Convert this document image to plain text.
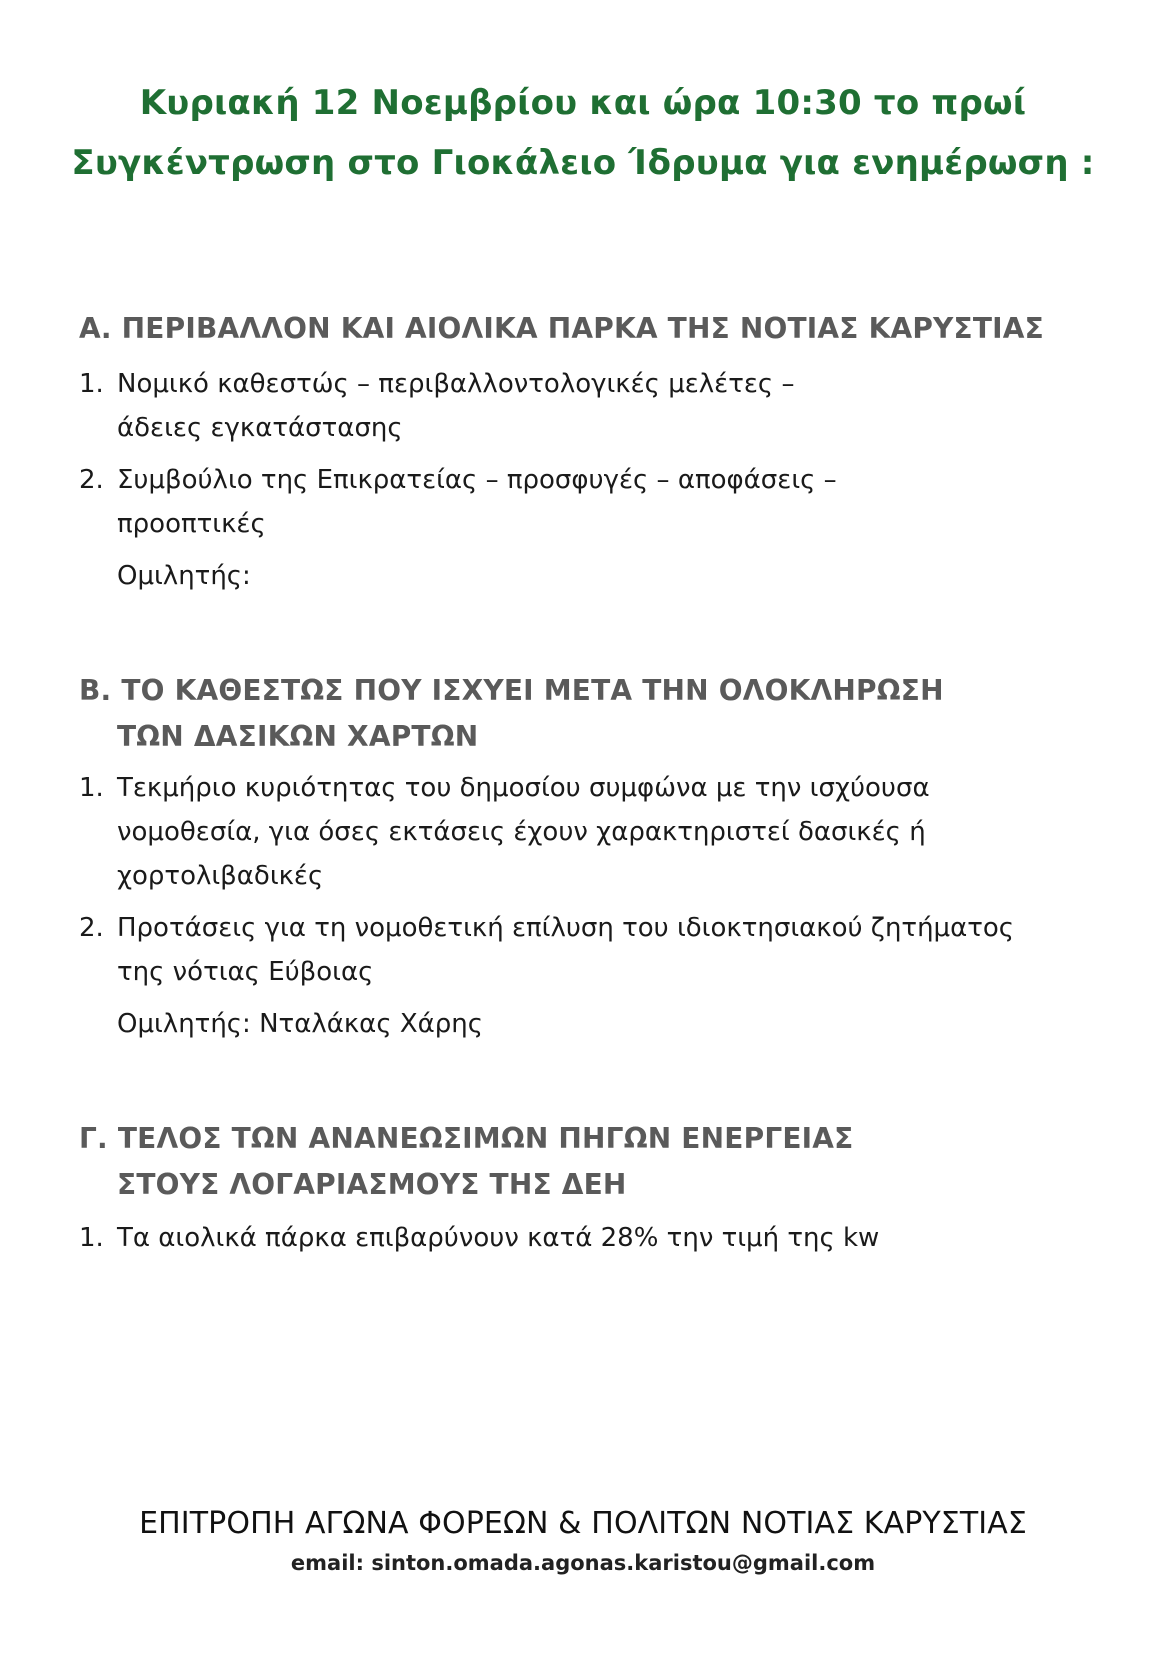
Κυριακή 12 Νοεμβρίου και ώρα 10:30 το πρωί
Συγκέντρωση στο Γιοκάλειο Ίδρυμα για ενημέρωση :
Α. ΠΕΡΙΒΑΛΛΟΝ ΚΑΙ ΑΙΟΛΙΚΑ ΠΑΡΚΑ ΤΗΣ ΝΟΤΙΑΣ ΚΑΡΥΣΤΙΑΣ
1. Νομικό καθεστώς – περιβαλλοντολογικές μελέτες –
άδειες εγκατάστασης
2. Συμβούλιο της Επικρατείας – προσφυγές – αποφάσεις –
προοπτικές
Ομιλητής:
Β. ΤΟ ΚΑΘΕΣΤΩΣ ΠΟΥ ΙΣΧΥΕΙ ΜΕΤΑ ΤΗΝ ΟΛΟΚΛΗΡΩΣΗ
ΤΩΝ ΔΑΣΙΚΩΝ ΧΑΡΤΩΝ
1. Τεκμήριο κυριότητας του δημοσίου συμφώνα με την ισχύουσα
νομοθεσία, για όσες εκτάσεις έχουν χαρακτηριστεί δασικές ή
χορτολιβαδικές
2. Προτάσεις για τη νομοθετική επίλυση του ιδιοκτησιακού ζητήματος
της νότιας Εύβοιας
Ομιλητής: Νταλάκας Χάρης
Γ. ΤΕΛΟΣ ΤΩΝ ΑΝΑΝΕΩΣΙΜΩΝ ΠΗΓΩΝ ΕΝΕΡΓΕΙΑΣ
ΣΤΟΥΣ ΛΟΓΑΡΙΑΣΜΟΥΣ ΤΗΣ ΔΕΗ
1. Τα αιολικά πάρκα επιβαρύνουν κατά 28% την τιμή της kw
ΕΠΙΤΡΟΠΗ ΑΓΩΝΑ ΦΟΡΕΩΝ & ΠΟΛΙΤΩΝ ΝΟΤΙΑΣ ΚΑΡΥΣΤΙΑΣ
email: sinton.omada.agonas.karistou@gmail.com
